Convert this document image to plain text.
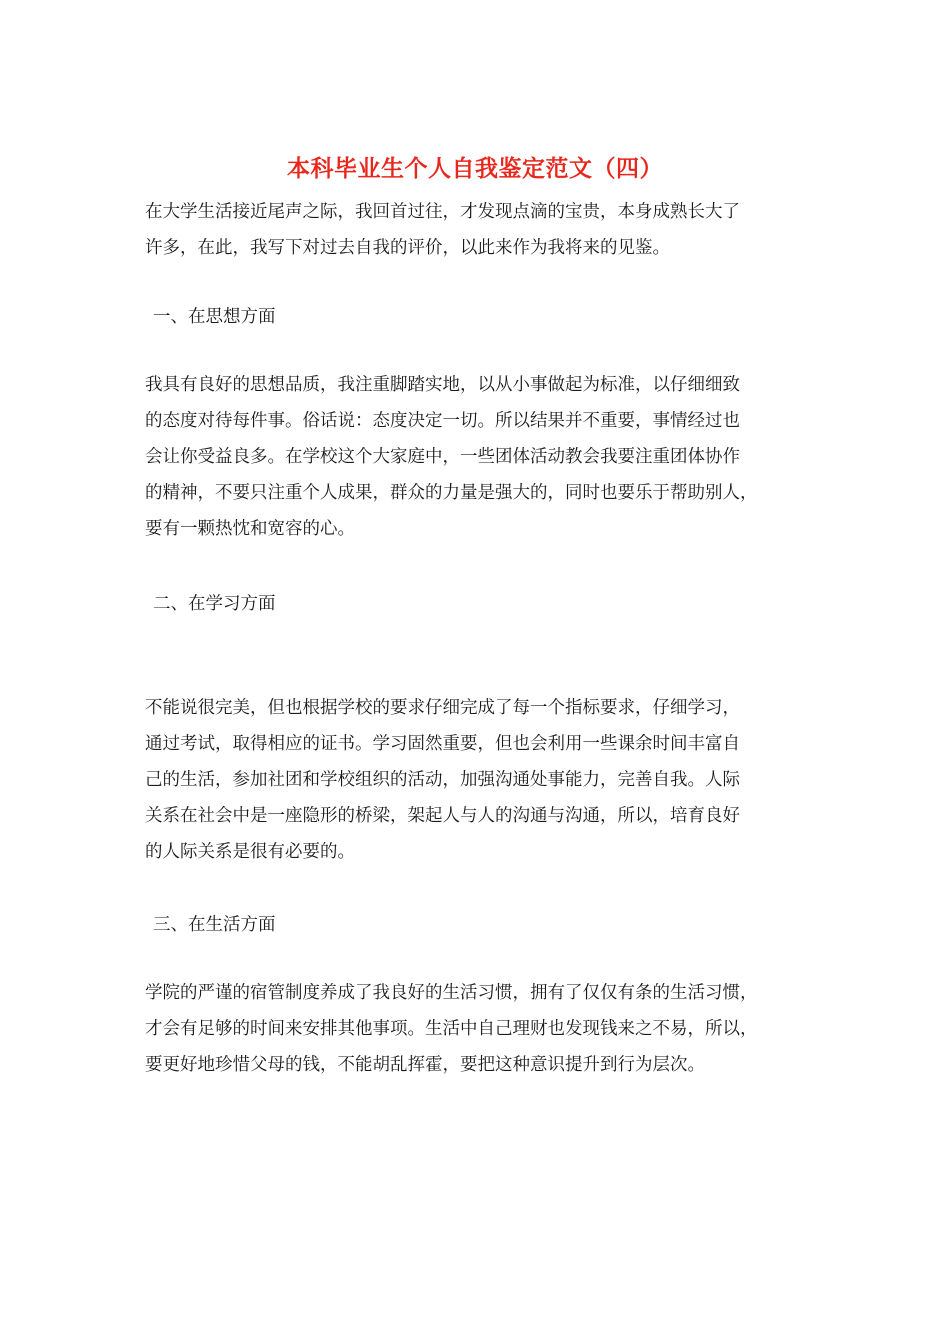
本科毕业生个人自我鉴定范文（四）
在大学生活接近尾声之际，我回首过往，才发现点滴的宝贵，本身成熟长大了
许多，在此，我写下对过去自我的评价，以此来作为我将来的见鉴。
一、在思想方面
我具有良好的思想品质，我注重脚踏实地，以从小事做起为标准，以仔细细致
的态度对待每件事。俗话说：态度决定一切。所以结果并不重要，事情经过也
会让你受益良多。在学校这个大家庭中，一些团体活动教会我要注重团体协作
的精神，不要只注重个人成果，群众的力量是强大的，同时也要乐于帮助别人，
要有一颗热忱和宽容的心。
二、在学习方面
不能说很完美，但也根据学校的要求仔细完成了每一个指标要求，仔细学习，
通过考试，取得相应的证书。学习固然重要，但也会利用一些课余时间丰富自
己的生活，参加社团和学校组织的活动，加强沟通处事能力，完善自我。人际
关系在社会中是一座隐形的桥梁，架起人与人的沟通与沟通，所以，培育良好
的人际关系是很有必要的。
三、在生活方面
学院的严谨的宿管制度养成了我良好的生活习惯，拥有了仅仅有条的生活习惯，
才会有足够的时间来安排其他事项。生活中自己理财也发现钱来之不易，所以，
要更好地珍惜父母的钱，不能胡乱挥霍，要把这种意识提升到行为层次。
